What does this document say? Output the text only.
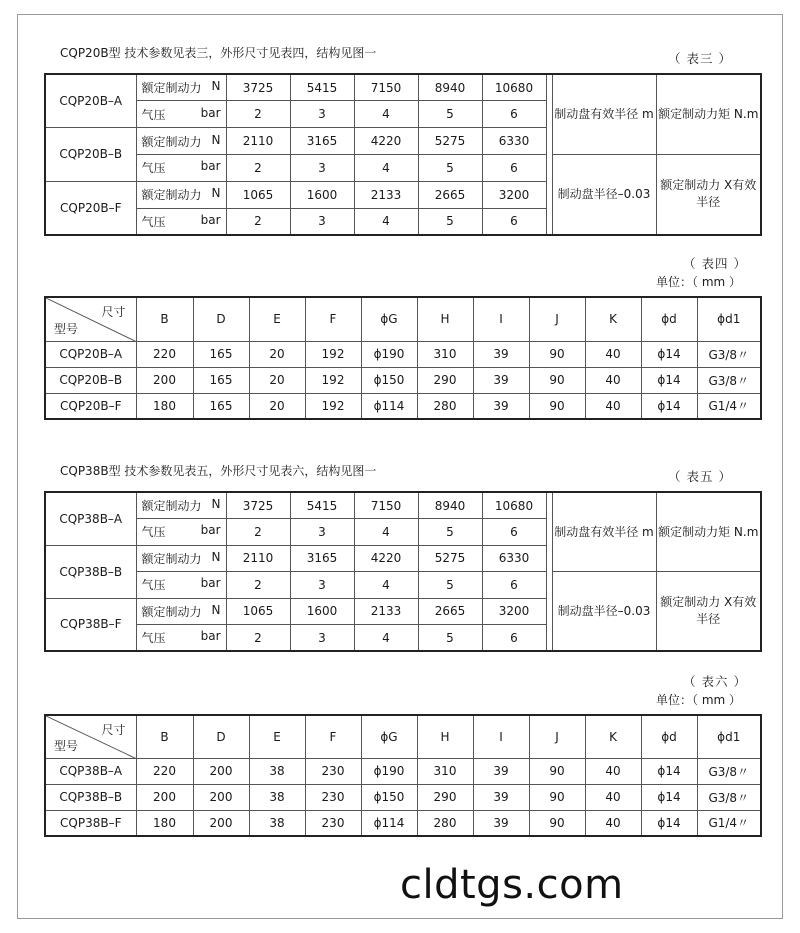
CQP20B型 技术参数见表三，外形尺寸见表四，结构见图一	（ 表三 ）
CQP20B–A	额定制动力 N	3725	5415	7150	8940	10680		制动盘有效半径 m	额定制动力矩 N.m
	气压 bar	2	3	4	5	6			
CQP20B–B	额定制动力 N	2110	3165	4220	5275	6330			
	气压 bar	2	3	4	5	6		制动盘半径–0.03	额定制动力 X有效半径
CQP20B–F	额定制动力 N	1065	1600	2133	2665	3200			
	气压 bar	2	3	4	5	6			
（ 表四 ）
单位：（ mm ）
尺寸
型号	B	D	E	F	ϕG	H	I	J	K	ϕd	ϕd1
CQP20B–A	220	165	20	192	ϕ190	310	39	90	40	ϕ14	G3/8〃
CQP20B–B	200	165	20	192	ϕ150	290	39	90	40	ϕ14	G3/8〃
CQP20B–F	180	165	20	192	ϕ114	280	39	90	40	ϕ14	G1/4〃
CQP38B型 技术参数见表五，外形尺寸见表六，结构见图一	（ 表五 ）
CQP38B–A	额定制动力 N	3725	5415	7150	8940	10680		制动盘有效半径 m	额定制动力矩 N.m
	气压 bar	2	3	4	5	6			
CQP38B–B	额定制动力 N	2110	3165	4220	5275	6330			
	气压 bar	2	3	4	5	6		制动盘半径–0.03	额定制动力 X有效半径
CQP38B–F	额定制动力 N	1065	1600	2133	2665	3200			
	气压 bar	2	3	4	5	6			
（ 表六 ）
单位：（ mm ）
尺寸
型号	B	D	E	F	ϕG	H	I	J	K	ϕd	ϕd1
CQP38B–A	220	200	38	230	ϕ190	310	39	90	40	ϕ14	G3/8〃
CQP38B–B	200	200	38	230	ϕ150	290	39	90	40	ϕ14	G3/8〃
CQP38B–F	180	200	38	230	ϕ114	280	39	90	40	ϕ14	G1/4〃
cldtgs.com
